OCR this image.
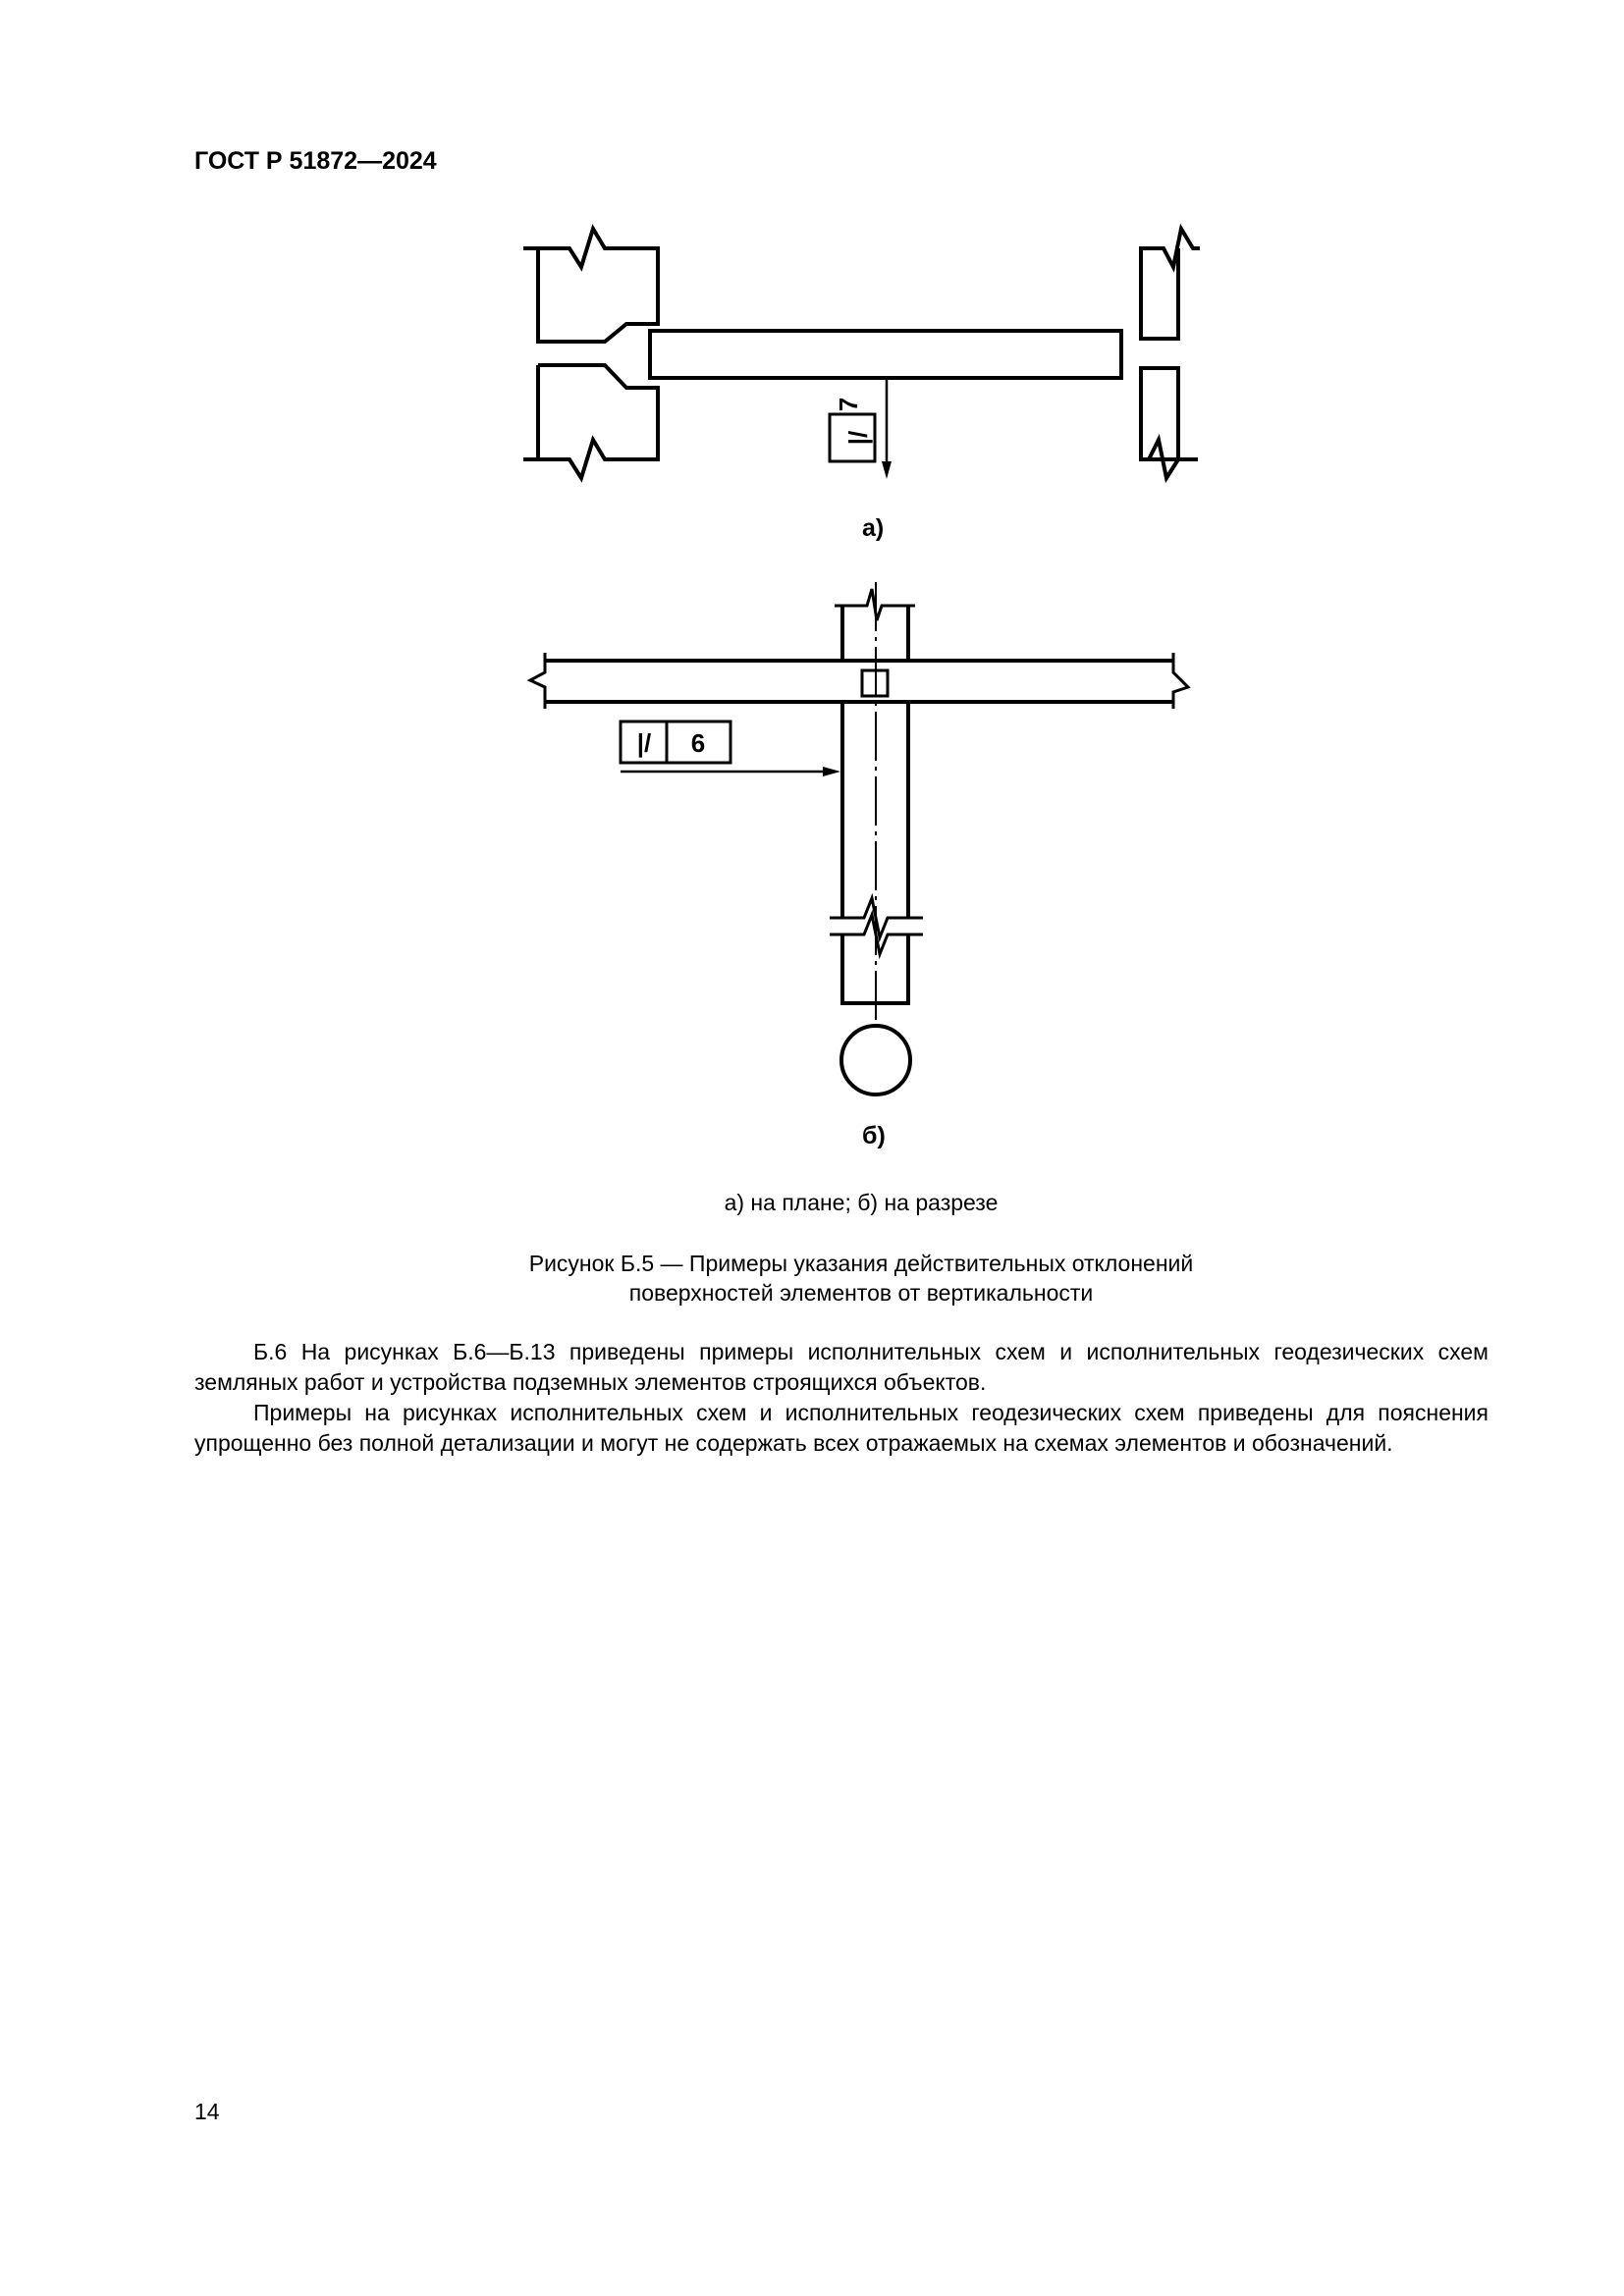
ГОСТ Р 51872—2024
|/
7
а)
|/ 6
б)
а) на плане; б) на разрезе
Рисунок Б.5 — Примеры указания действительных отклонений
поверхностей элементов от вертикальности

Б.6 На рисунках Б.6—Б.13 приведены примеры исполнительных схем и исполнительных геодезических схем земляных работ и устройства подземных элементов строящихся объектов.

Примеры на рисунках исполнительных схем и исполнительных геодезических схем приведены для пояснения упрощенно без полной детализации и могут не содержать всех отражаемых на схемах элементов и обозначений.

14
